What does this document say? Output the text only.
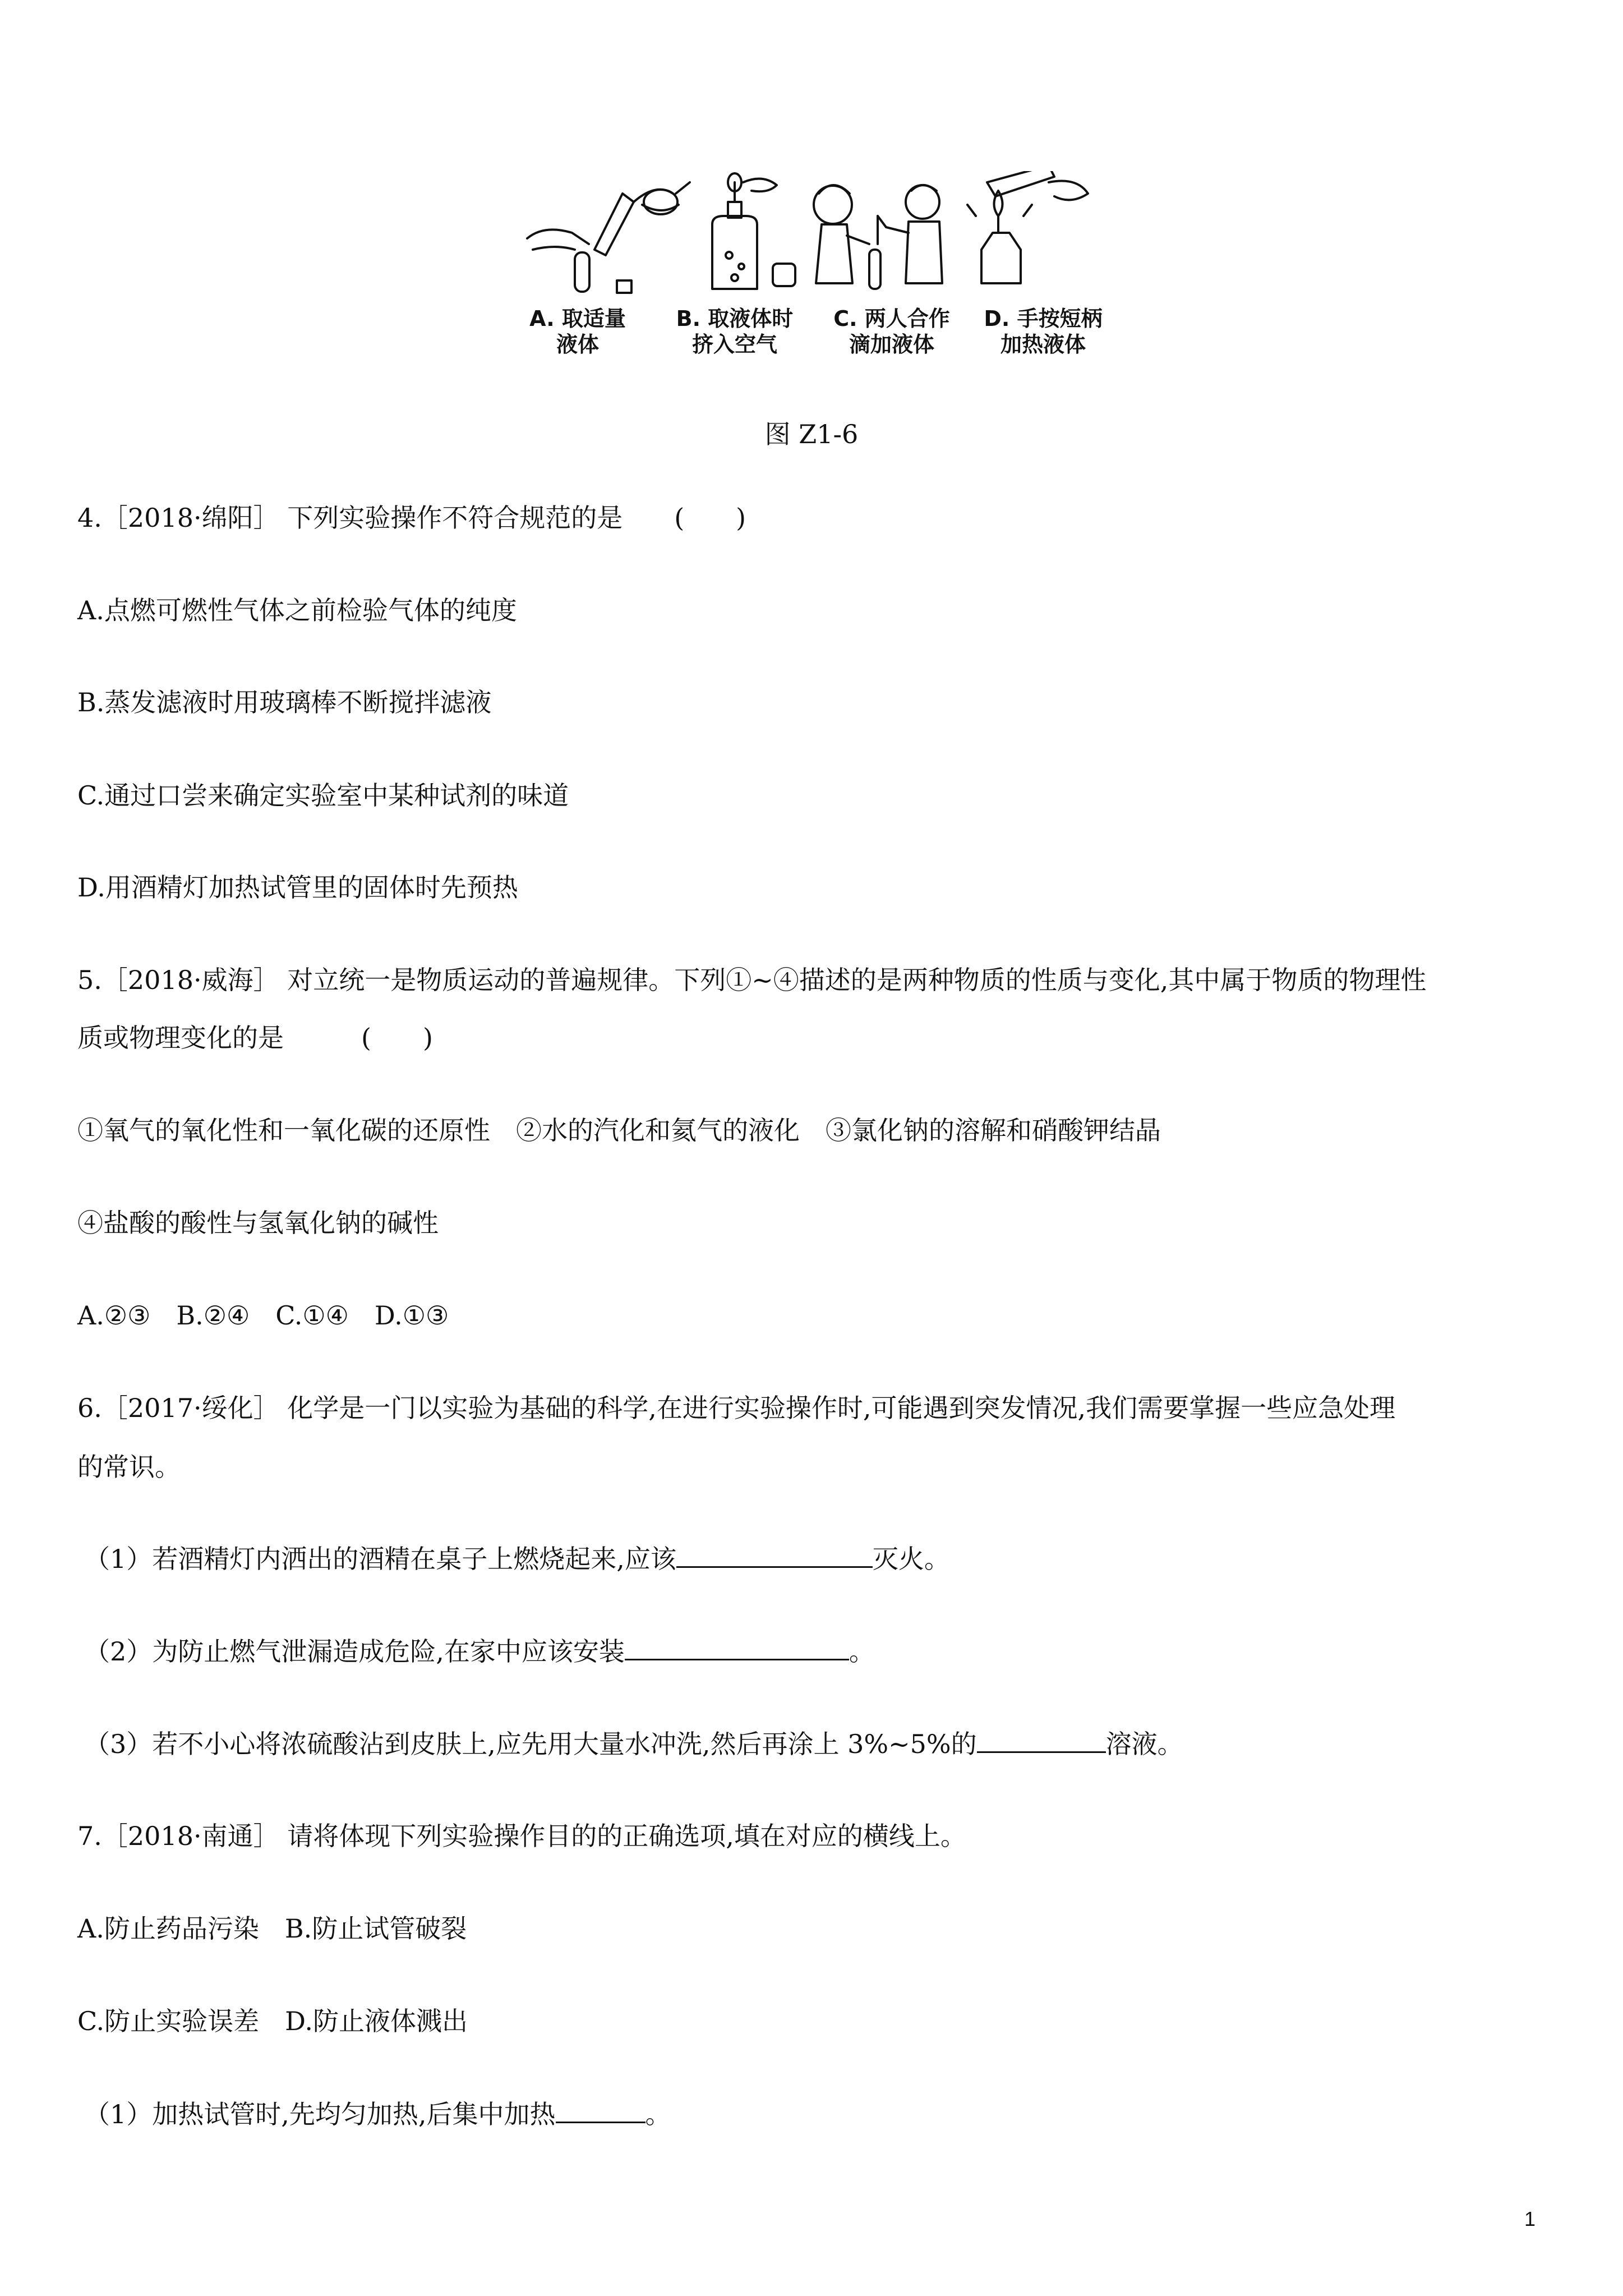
A. 取适量
液体
B. 取液体时
挤入空气
C. 两人合作
滴加液体
D. 手按短柄
加热液体
图 Z1-6
4.［2018·绵阳］ 下列实验操作不符合规范的是　　(　　)
A.点燃可燃性气体之前检验气体的纯度
B.蒸发滤液时用玻璃棒不断搅拌滤液
C.通过口尝来确定实验室中某种试剂的味道
D.用酒精灯加热试管里的固体时先预热
5.［2018·威海］ 对立统一是物质运动的普遍规律。下列①~④描述的是两种物质的性质与变化,其中属于物质的物理性
质或物理变化的是　　　(　　)
①氧气的氧化性和一氧化碳的还原性　②水的汽化和氦气的液化　③氯化钠的溶解和硝酸钾结晶
④盐酸的酸性与氢氧化钠的碱性
A.②③　B.②④　C.①④　D.①③
6.［2017·绥化］ 化学是一门以实验为基础的科学,在进行实验操作时,可能遇到突发情况,我们需要掌握一些应急处理
的常识。
（1）若酒精灯内洒出的酒精在桌子上燃烧起来,应该	灭火。
（2）为防止燃气泄漏造成危险,在家中应该安装	。
（3）若不小心将浓硫酸沾到皮肤上,应先用大量水冲洗,然后再涂上 3%~5%的	溶液。
7.［2018·南通］ 请将体现下列实验操作目的的正确选项,填在对应的横线上。
A.防止药品污染　B.防止试管破裂
C.防止实验误差　D.防止液体溅出
（1）加热试管时,先均匀加热,后集中加热	。
1
